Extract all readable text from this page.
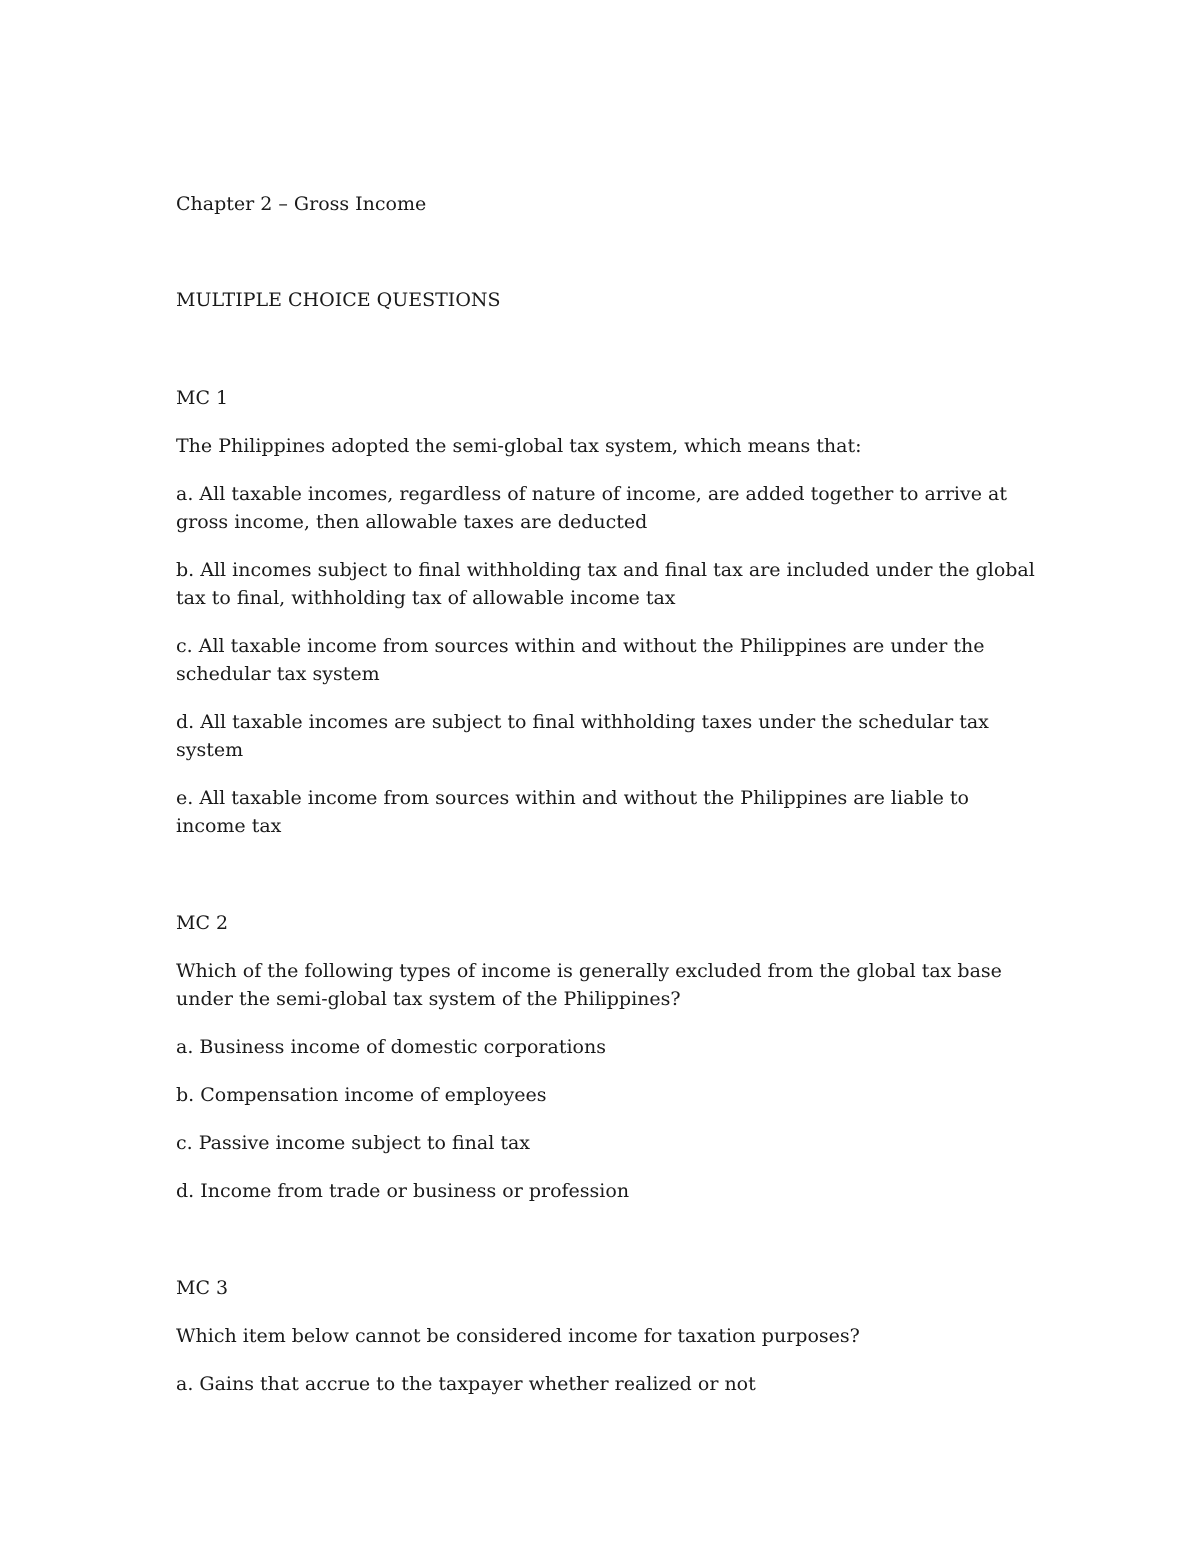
Chapter 2 – Gross Income
MULTIPLE CHOICE QUESTIONS
MC 1

The Philippines adopted the semi-global tax system, which means that:

a. All taxable incomes, regardless of nature of income, are added together to arrive at gross income, then allowable taxes are deducted
b. All incomes subject to final withholding tax and final tax are included under the global tax to final, withholding tax of allowable income tax
c. All taxable income from sources within and without the Philippines are under the schedular tax system
d. All taxable incomes are subject to final withholding taxes under the schedular tax system
e. All taxable income from sources within and without the Philippines are liable to income tax
MC 2

Which of the following types of income is generally excluded from the global tax base under the semi-global tax system of the Philippines?

a. Business income of domestic corporations
b. Compensation income of employees
c. Passive income subject to final tax
d. Income from trade or business or profession
MC 3

Which item below cannot be considered income for taxation purposes?

a. Gains that accrue to the taxpayer whether realized or not
